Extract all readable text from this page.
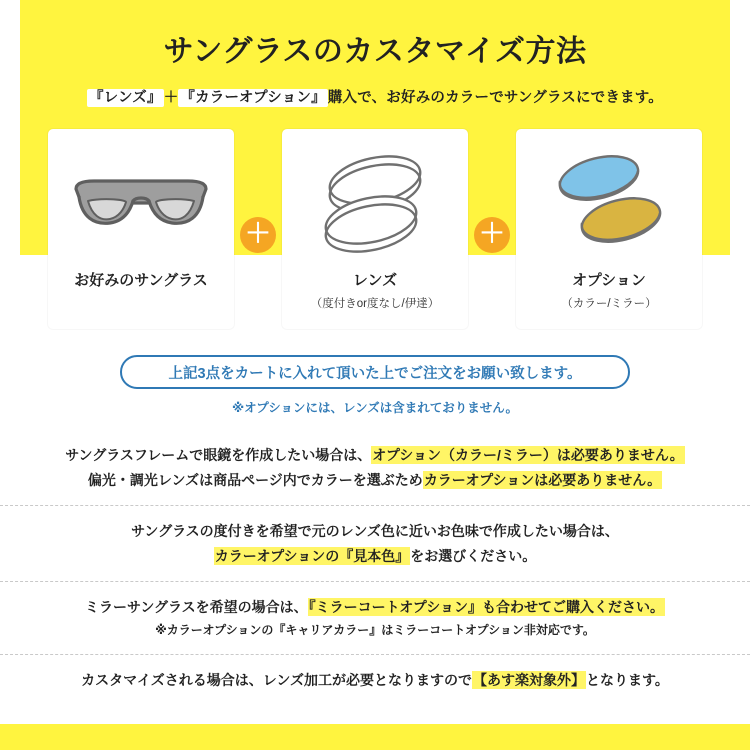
サングラスのカスタマイズ方法
『レンズ』 ＋ 『カラーオプション』 購入で、お好みのカラーでサングラスにできます。
お好みのサングラス
＋
レンズ
（度付きor度なし/伊達）
＋
オプション
（カラー/ミラー）
上記3点をカートに入れて頂いた上でご注文をお願い致します。
※オプションには、レンズは含まれておりません。
サングラスフレームで眼鏡を作成したい場合は、オプション（カラー/ミラー）は必要ありません。
偏光・調光レンズは商品ページ内でカラーを選ぶためカラーオプションは必要ありません。
サングラスの度付きを希望で元のレンズ色に近いお色味で作成したい場合は、
カラーオプションの『見本色』をお選びください。
ミラーサングラスを希望の場合は、『ミラーコートオプション』も合わせてご購入ください。
※カラーオプションの『キャリアカラー』はミラーコートオプション非対応です。
カスタマイズされる場合は、レンズ加工が必要となりますので【あす楽対象外】となります。
